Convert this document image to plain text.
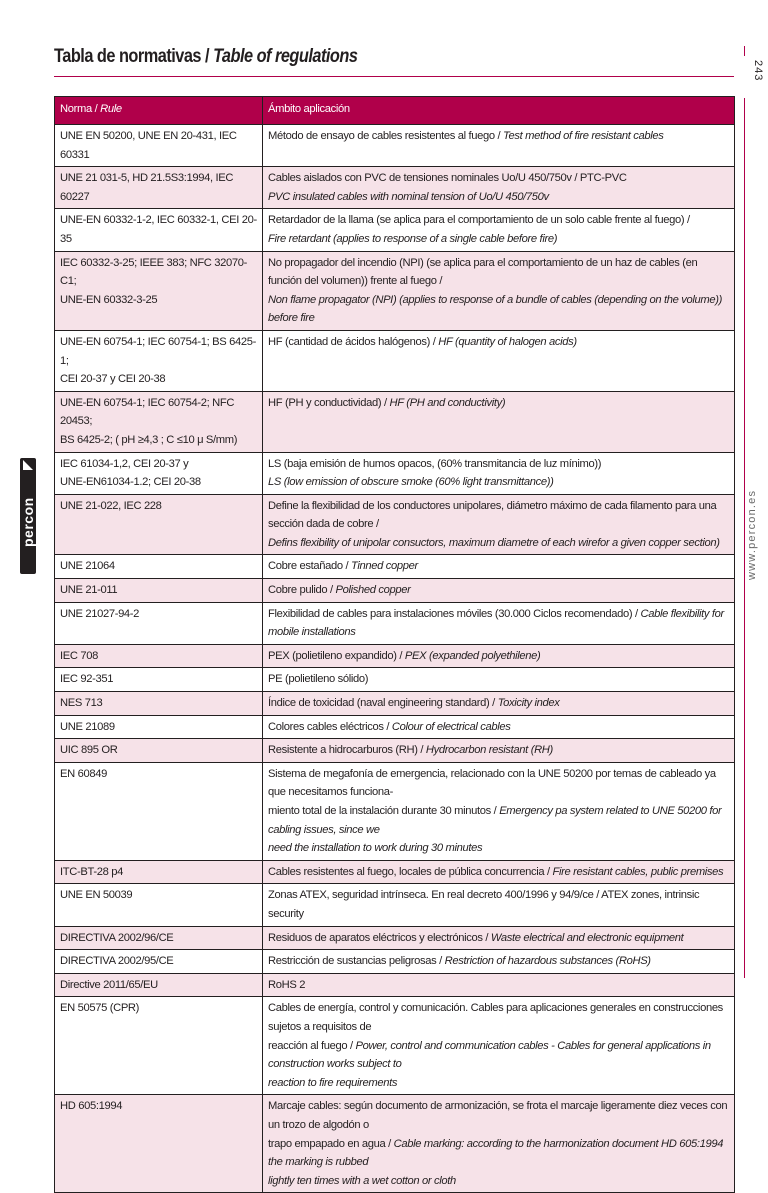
Tabla de normativas / Table of regulations
243
www.percon.es
percon
Norma / Rule	Ámbito aplicación

UNE EN 50200, UNE EN 20-431, IEC 60331	Método de ensayo de cables resistentes al fuego / Test method of fire resistant cables

UNE 21 031-5, HD 21.5S3:1994, IEC 60227	Cables aislados con PVC de tensiones nominales Uo/U 450/750v / PTC-PVC
PVC insulated cables with nominal tension of Uo/U 450/750v

UNE-EN 60332-1-2, IEC 60332-1, CEI 20-35	Retardador de la llama (se aplica para el comportamiento de un solo cable frente al fuego) /
Fire retardant (applies to response of a single cable before fire)

IEC 60332-3-25; IEEE 383; NFC 32070-C1;
UNE-EN 60332-3-25	No propagador del incendio (NPI) (se aplica para el comportamiento de un haz de cables (en función del volumen)) frente al fuego /
Non flame propagator (NPI) (applies to response of a bundle of cables (depending on the volume)) before fire

UNE-EN 60754-1; IEC 60754-1; BS 6425-1;
CEI 20-37 y CEI 20-38	HF (cantidad de ácidos halógenos) / HF (quantity of halogen acids)

UNE-EN 60754-1; IEC 60754-2; NFC 20453;
BS 6425-2; ( pH ≥4,3 ; C ≤10 μ S/mm)	HF (PH y conductividad) / HF (PH and conductivity)

IEC 61034-1,2, CEI 20-37 y
UNE-EN61034-1.2; CEI 20-38	LS (baja emisión de humos opacos, (60% transmitancia de luz mínimo))
LS (low emission of obscure smoke (60% light transmittance))

UNE 21-022, IEC 228	Define la flexibilidad de los conductores unipolares, diámetro máximo de cada filamento para una sección dada de cobre /
Defins flexibility of unipolar consuctors, maximum diametre of each wirefor a given copper section)

UNE 21064	Cobre estañado / Tinned copper

UNE 21-011	Cobre pulido / Polished copper

UNE 21027-94-2	Flexibilidad de cables para instalaciones móviles (30.000 Ciclos recomendado) / Cable flexibility for mobile installations

IEC 708	PEX (polietileno expandido) / PEX (expanded polyethilene)

IEC 92-351	PE (polietileno sólido)

NES 713	Índice de toxicidad (naval engineering standard) / Toxicity index

UNE 21089	Colores cables eléctricos / Colour of electrical cables

UIC 895 OR	Resistente a hidrocarburos (RH) / Hydrocarbon resistant (RH)

EN 60849	Sistema de megafonía de emergencia, relacionado con la UNE 50200 por temas de cableado ya que necesitamos funciona-
miento total de la instalación durante 30 minutos / Emergency pa system related to UNE 50200 for cabling issues, since we
need the installation to work during 30 minutes

ITC-BT-28 p4	Cables resistentes al fuego, locales de pública concurrencia / Fire resistant cables, public premises

UNE EN 50039	Zonas ATEX, seguridad intrínseca. En real decreto 400/1996 y 94/9/ce / ATEX zones, intrinsic security

DIRECTIVA 2002/96/CE	Residuos de aparatos eléctricos y electrónicos / Waste electrical and electronic equipment

DIRECTIVA 2002/95/CE	Restricción de sustancias peligrosas / Restriction of hazardous substances (RoHS)

Directive 2011/65/EU	RoHS 2

EN 50575 (CPR)	Cables de energía, control y comunicación. Cables para aplicaciones generales en construcciones sujetos a requisitos de
reacción al fuego / Power, control and communication cables - Cables for general applications in construction works subject to
reaction to fire requirements

HD 605:1994	Marcaje cables: según documento de armonización, se frota el marcaje ligeramente diez veces con un trozo de algodón o
trapo empapado en agua / Cable marking: according to the harmonization document HD 605:1994 the marking is rubbed
lightly ten times with a wet cotton or cloth
